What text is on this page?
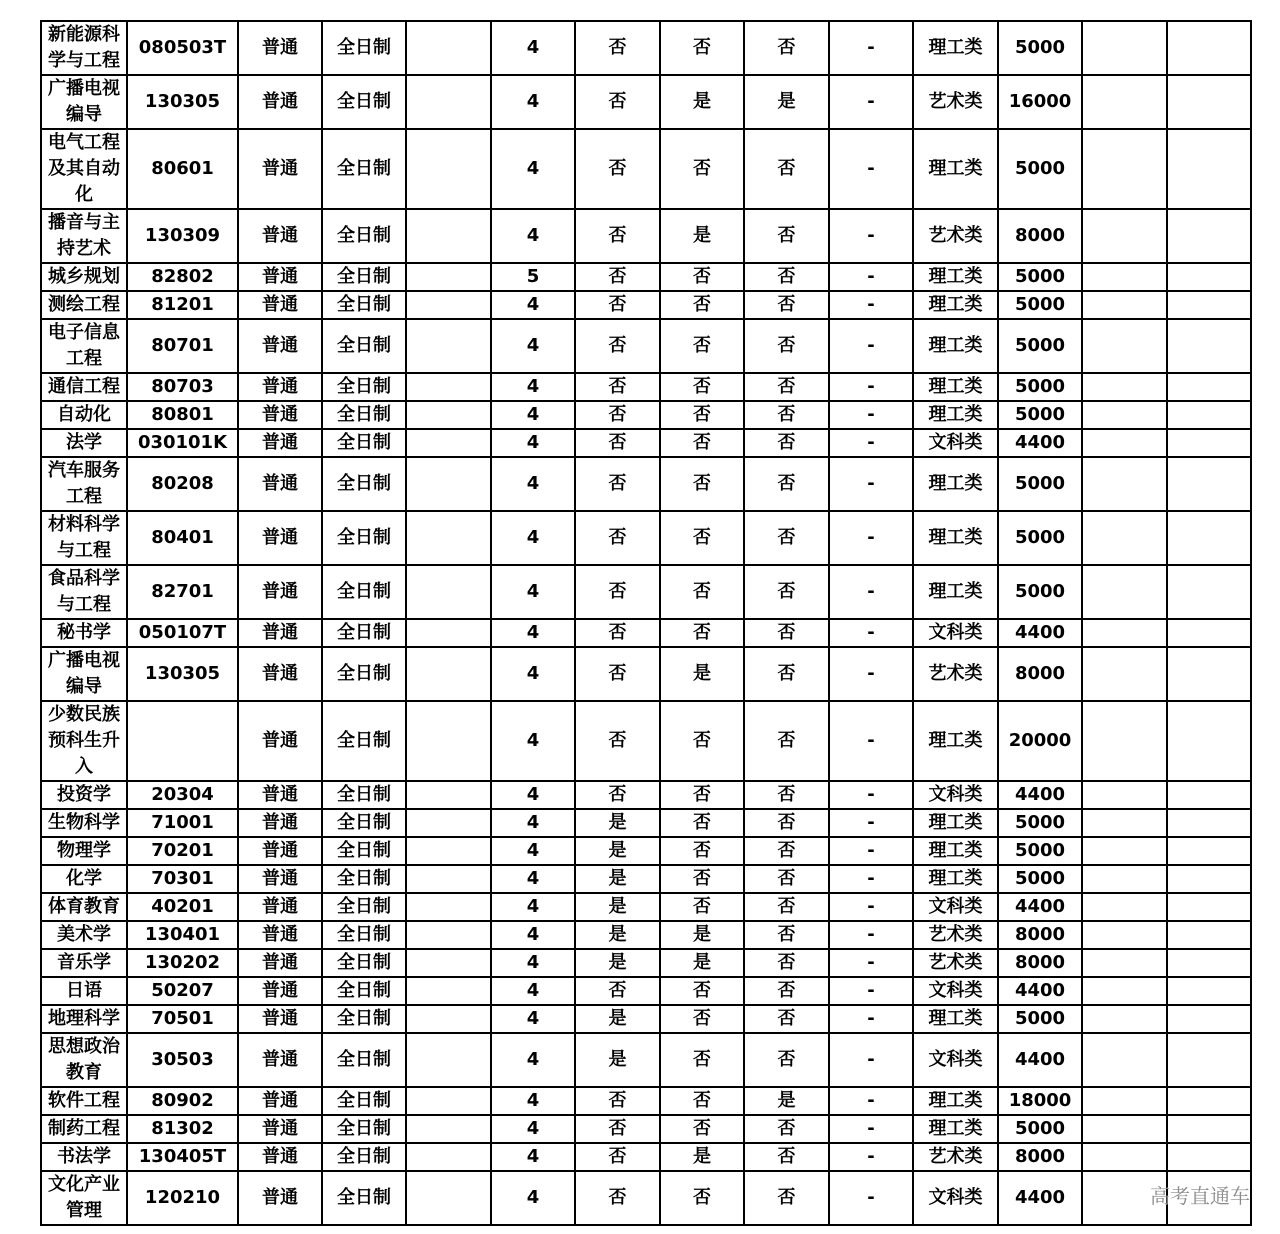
新能源科学与工程	080503T	普通	全日制		4	否	否	否	-	理工类	5000		
广播电视编导	130305	普通	全日制		4	否	是	是	-	艺术类	16000		
电气工程及其自动化	80601	普通	全日制		4	否	否	否	-	理工类	5000		
播音与主持艺术	130309	普通	全日制		4	否	是	否	-	艺术类	8000		
城乡规划	82802	普通	全日制		5	否	否	否	-	理工类	5000		
测绘工程	81201	普通	全日制		4	否	否	否	-	理工类	5000		
电子信息工程	80701	普通	全日制		4	否	否	否	-	理工类	5000		
通信工程	80703	普通	全日制		4	否	否	否	-	理工类	5000		
自动化	80801	普通	全日制		4	否	否	否	-	理工类	5000		
法学	030101K	普通	全日制		4	否	否	否	-	文科类	4400		
汽车服务工程	80208	普通	全日制		4	否	否	否	-	理工类	5000		
材料科学与工程	80401	普通	全日制		4	否	否	否	-	理工类	5000		
食品科学与工程	82701	普通	全日制		4	否	否	否	-	理工类	5000		
秘书学	050107T	普通	全日制		4	否	否	否	-	文科类	4400		
广播电视编导	130305	普通	全日制		4	否	是	否	-	艺术类	8000		
少数民族预科生升入		普通	全日制		4	否	否	否	-	理工类	20000		
投资学	20304	普通	全日制		4	否	否	否	-	文科类	4400		
生物科学	71001	普通	全日制		4	是	否	否	-	理工类	5000		
物理学	70201	普通	全日制		4	是	否	否	-	理工类	5000		
化学	70301	普通	全日制		4	是	否	否	-	理工类	5000		
体育教育	40201	普通	全日制		4	是	否	否	-	文科类	4400		
美术学	130401	普通	全日制		4	是	是	否	-	艺术类	8000		
音乐学	130202	普通	全日制		4	是	是	否	-	艺术类	8000		
日语	50207	普通	全日制		4	否	否	否	-	文科类	4400		
地理科学	70501	普通	全日制		4	是	否	否	-	理工类	5000		
思想政治教育	30503	普通	全日制		4	是	否	否	-	文科类	4400		
软件工程	80902	普通	全日制		4	否	否	是	-	理工类	18000		
制药工程	81302	普通	全日制		4	否	否	否	-	理工类	5000		
书法学	130405T	普通	全日制		4	否	是	否	-	艺术类	8000		
文化产业管理	120210	普通	全日制		4	否	否	否	-	文科类	4400			高考直通车
